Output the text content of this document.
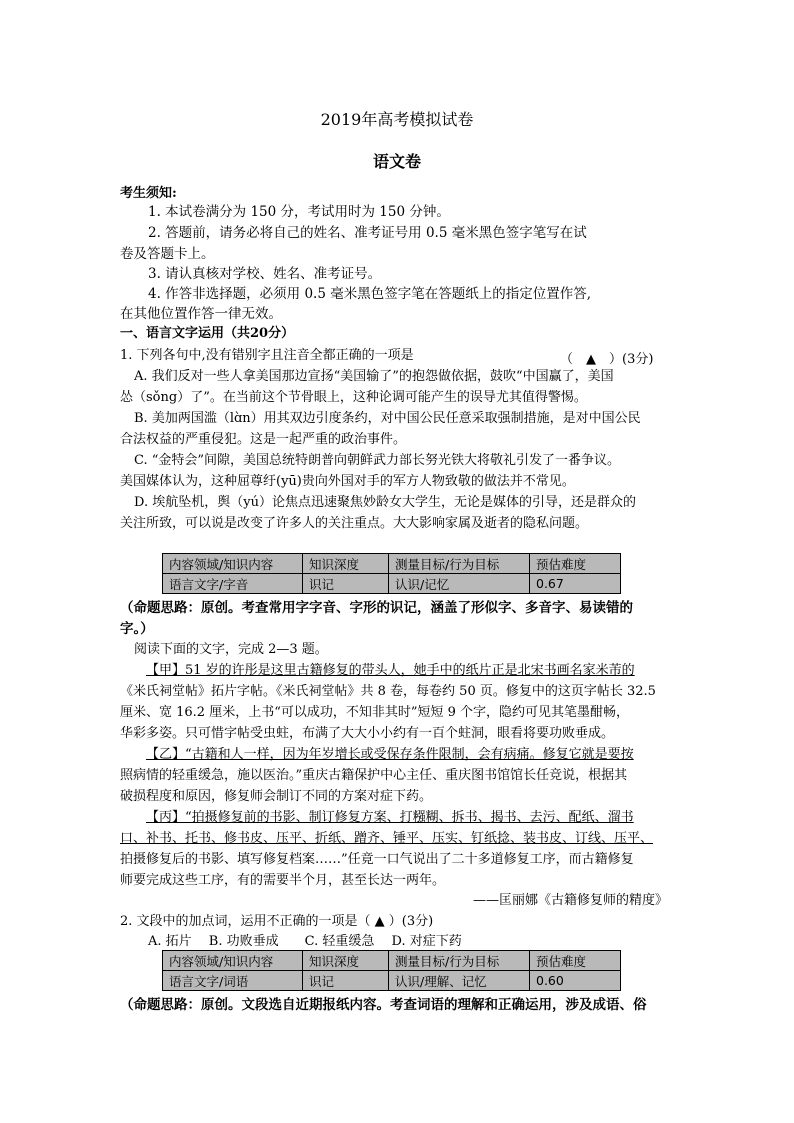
2019年高考模拟试卷
语文卷
考生须知:
1. 本试卷满分为 150 分，考试用时为 150 分钟。
2. 答题前，请务必将自己的姓名、准考证号用 0.5 毫米黑色签字笔写在试
卷及答题卡上。
3. 请认真核对学校、姓名、准考证号。
4. 作答非选择题，必须用 0.5 毫米黑色签字笔在答题纸上的指定位置作答,
在其他位置作答一律无效。
一、语言文字运用（共20分）
1. 下列各句中,没有错别字且注音全都正确的一项是	（　▲　）(3分)
A. 我们反对一些人拿美国那边宣扬“美国输了”的抱怨做依据，鼓吹“中国赢了，美国
怂（sǒng）了”。在当前这个节骨眼上，这种论调可能产生的误导尤其值得警惕。
B. 美加两国滥（lɑ̀n）用其双边引度条约，对中国公民任意采取强制措施，是对中国公民
合法权益的严重侵犯。这是一起严重的政治事件。
C. “金特会”间隙，美国总统特朗普向朝鲜武力部长努光铁大将敬礼引发了一番争议。
美国媒体认为，这种屈尊纡(yū)贵向外国对手的军方人物致敬的做法并不常见。
D. 埃航坠机，舆（yú）论焦点迅速聚焦妙龄女大学生，无论是媒体的引导，还是群众的
关注所致，可以说是改变了许多人的关注重点。大大影响家属及逝者的隐私问题。
内容领域/知识内容	知识深度	测量目标/行为目标	预估难度
语言文字/字音	识记	认识/记忆	0.67
（命题思路：原创。考查常用字字音、字形的识记，涵盖了形似字、多音字、易读错的
字。）
阅读下面的文字，完成 2—3 题。
【甲】51 岁的许彤是这里古籍修复的带头人，她手中的纸片正是北宋书画名家米芾的
《米氏祠堂帖》拓片字帖。《米氏祠堂帖》共 8 卷，每卷约 50 页。修复中的这页字帖长 32.5
厘米、宽 16.2 厘米，上书“可以成功，不知非其时”短短 9 个字，隐约可见其笔墨酣畅，
华彩多姿。只可惜字帖受虫蛀，布满了大大小小约有一百个蛀洞，眼看将要功败垂成。
【乙】“古籍和人一样，因为年岁增长或受保存条件限制，会有病痛。修复它就是要按
照病情的轻重缓急，施以医治。”重庆古籍保护中心主任、重庆图书馆馆长任竞说，根据其
破损程度和原因，修复师会制订不同的方案对症下药。
【丙】“拍摄修复前的书影、制订修复方案、打糨糊、拆书、揭书、去污、配纸、溜书
口、补书、托书、修书皮、压平、折纸、蹭齐、锤平、压实、钉纸捻、装书皮、订线、压平、
拍摄修复后的书影、填写修复档案……”任竟一口气说出了二十多道修复工序，而古籍修复
师要完成这些工序，有的需要半个月，甚至长达一两年。
——匡丽娜《古籍修复师的精度》
2. 文段中的加点词，运用不正确的一项是（ ▲ ）(3分)
A. 拓片　 B. 功败垂成　　C. 轻重缓急　 D. 对症下药
内容领域/知识内容	知识深度	测量目标/行为目标	预估难度
语言文字/词语	识记	认识/理解、记忆	0.60
（命题思路：原创。文段选自近期报纸内容。考查词语的理解和正确运用，涉及成语、俗
